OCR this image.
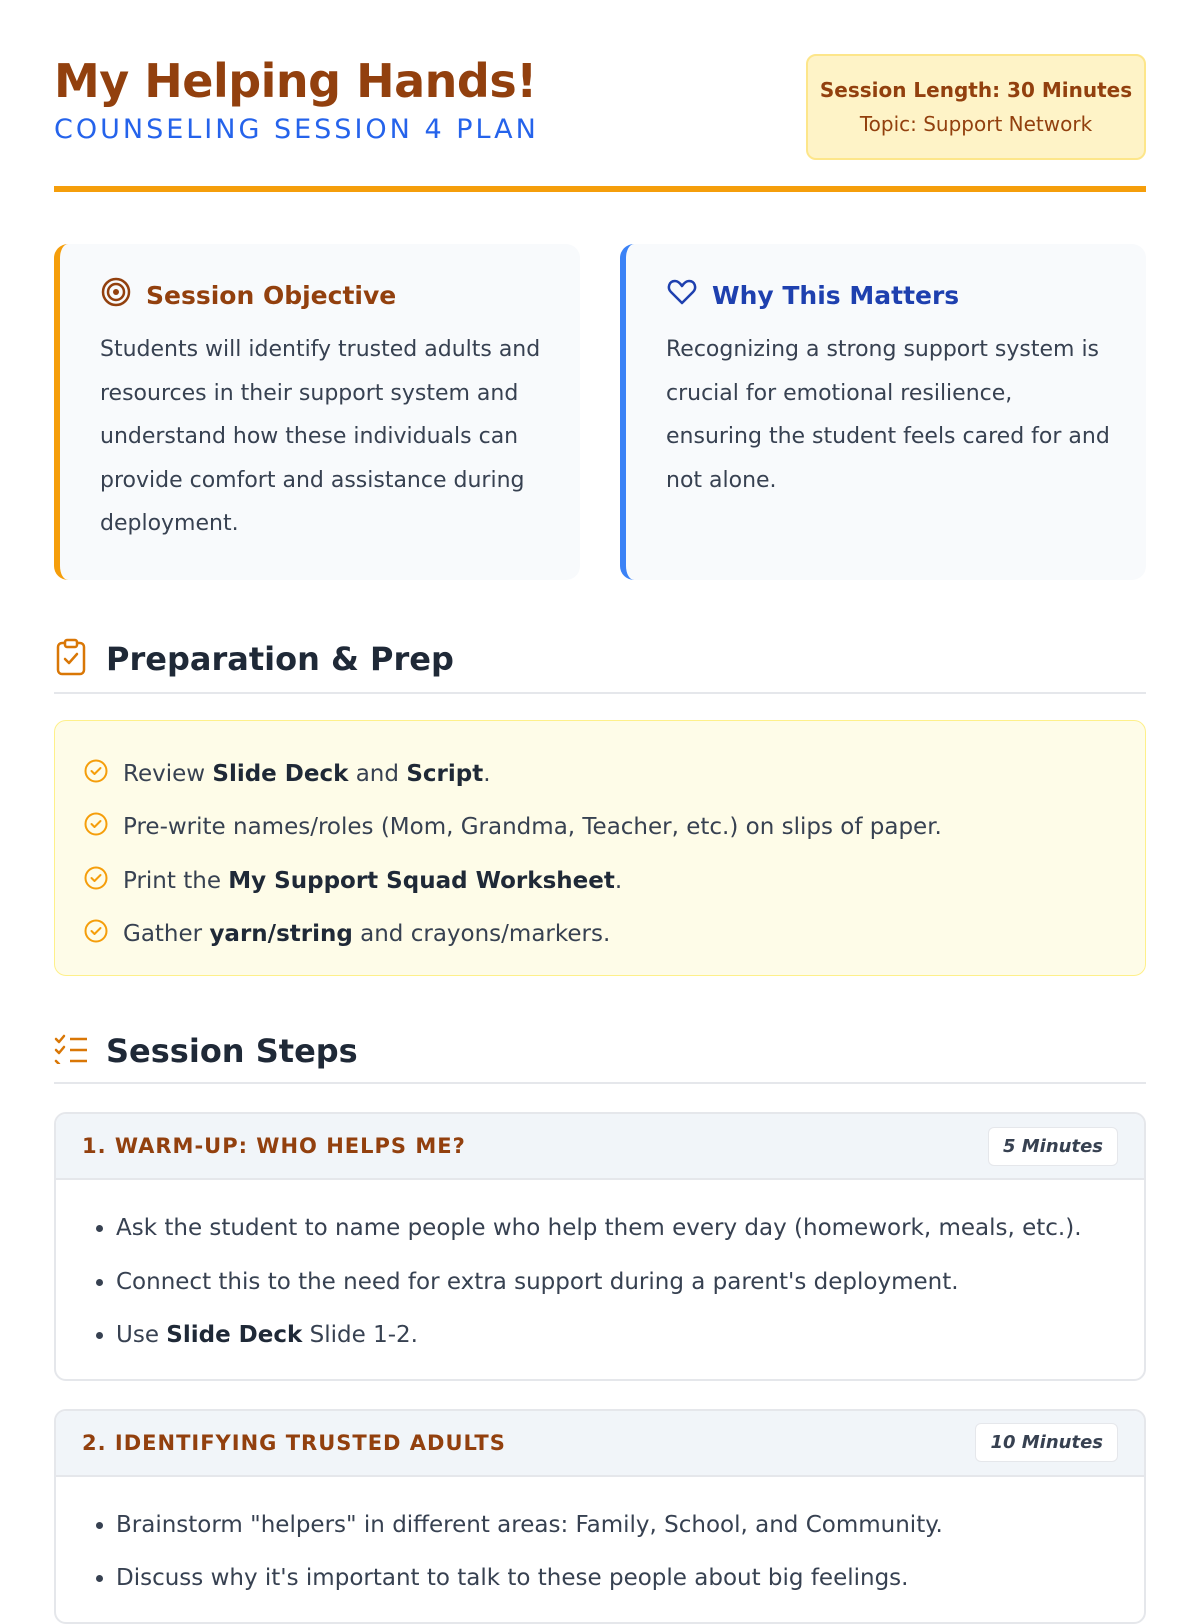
My Helping Hands!
COUNSELING SESSION 4 PLAN
Session Length: 30 Minutes
Topic: Support Network
Session Objective
Students will identify trusted adults and resources in their support system and understand how these individuals can provide comfort and assistance during deployment.
Why This Matters
Recognizing a strong support system is crucial for emotional resilience, ensuring the student feels cared for and not alone.
Preparation & Prep
Review Slide Deck and Script.
Pre-write names/roles (Mom, Grandma, Teacher, etc.) on slips of paper.
Print the My Support Squad Worksheet.
Gather yarn/string and crayons/markers.
Session Steps
1. WARM-UP: WHO HELPS ME?	5 Minutes
• Ask the student to name people who help them every day (homework, meals, etc.).
• Connect this to the need for extra support during a parent's deployment.
• Use Slide Deck Slide 1-2.
2. IDENTIFYING TRUSTED ADULTS	10 Minutes
• Brainstorm "helpers" in different areas: Family, School, and Community.
• Discuss why it's important to talk to these people about big feelings.
